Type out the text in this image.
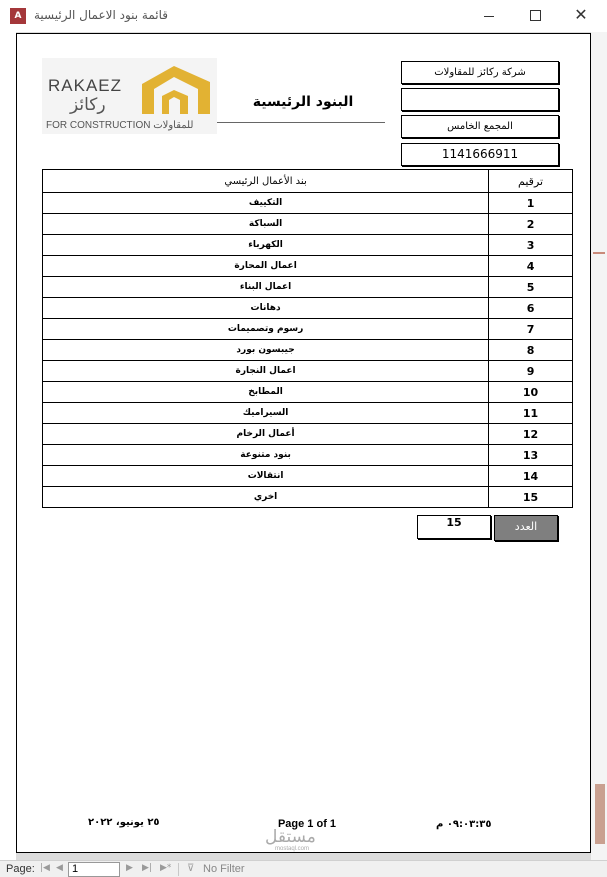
A	قائمة بنود الاعمال الرئيسية	✕
RAKAEZ
ركائز
FOR CONSTRUCTION للمقاولات
البنود الرئيسية
شركة ركائز للمقاولات
المجمع الخامس
1141666911
بند الأعمال الرئيسي	ترقيم
التكييف	1
السباكة	2
الكهرباء	3
اعمال المحارة	4
اعمال البناء	5
دهانات	6
رسوم وتصميمات	7
جيبسون بورد	8
اعمال النجارة	9
المطابخ	10
السيراميك	11
أعمال الرخام	12
بنود متنوعة	13
انتقالات	14
اخري	15
15	العدد
٠٩:٠٣:٣٥ م
Page 1 of 1
٢٥ يونيو، ٢٠٢٢
مستقل
mostaql.com
Page: |◀ ◀ 1	▶ ▶| ▶* ⊽ No Filter
